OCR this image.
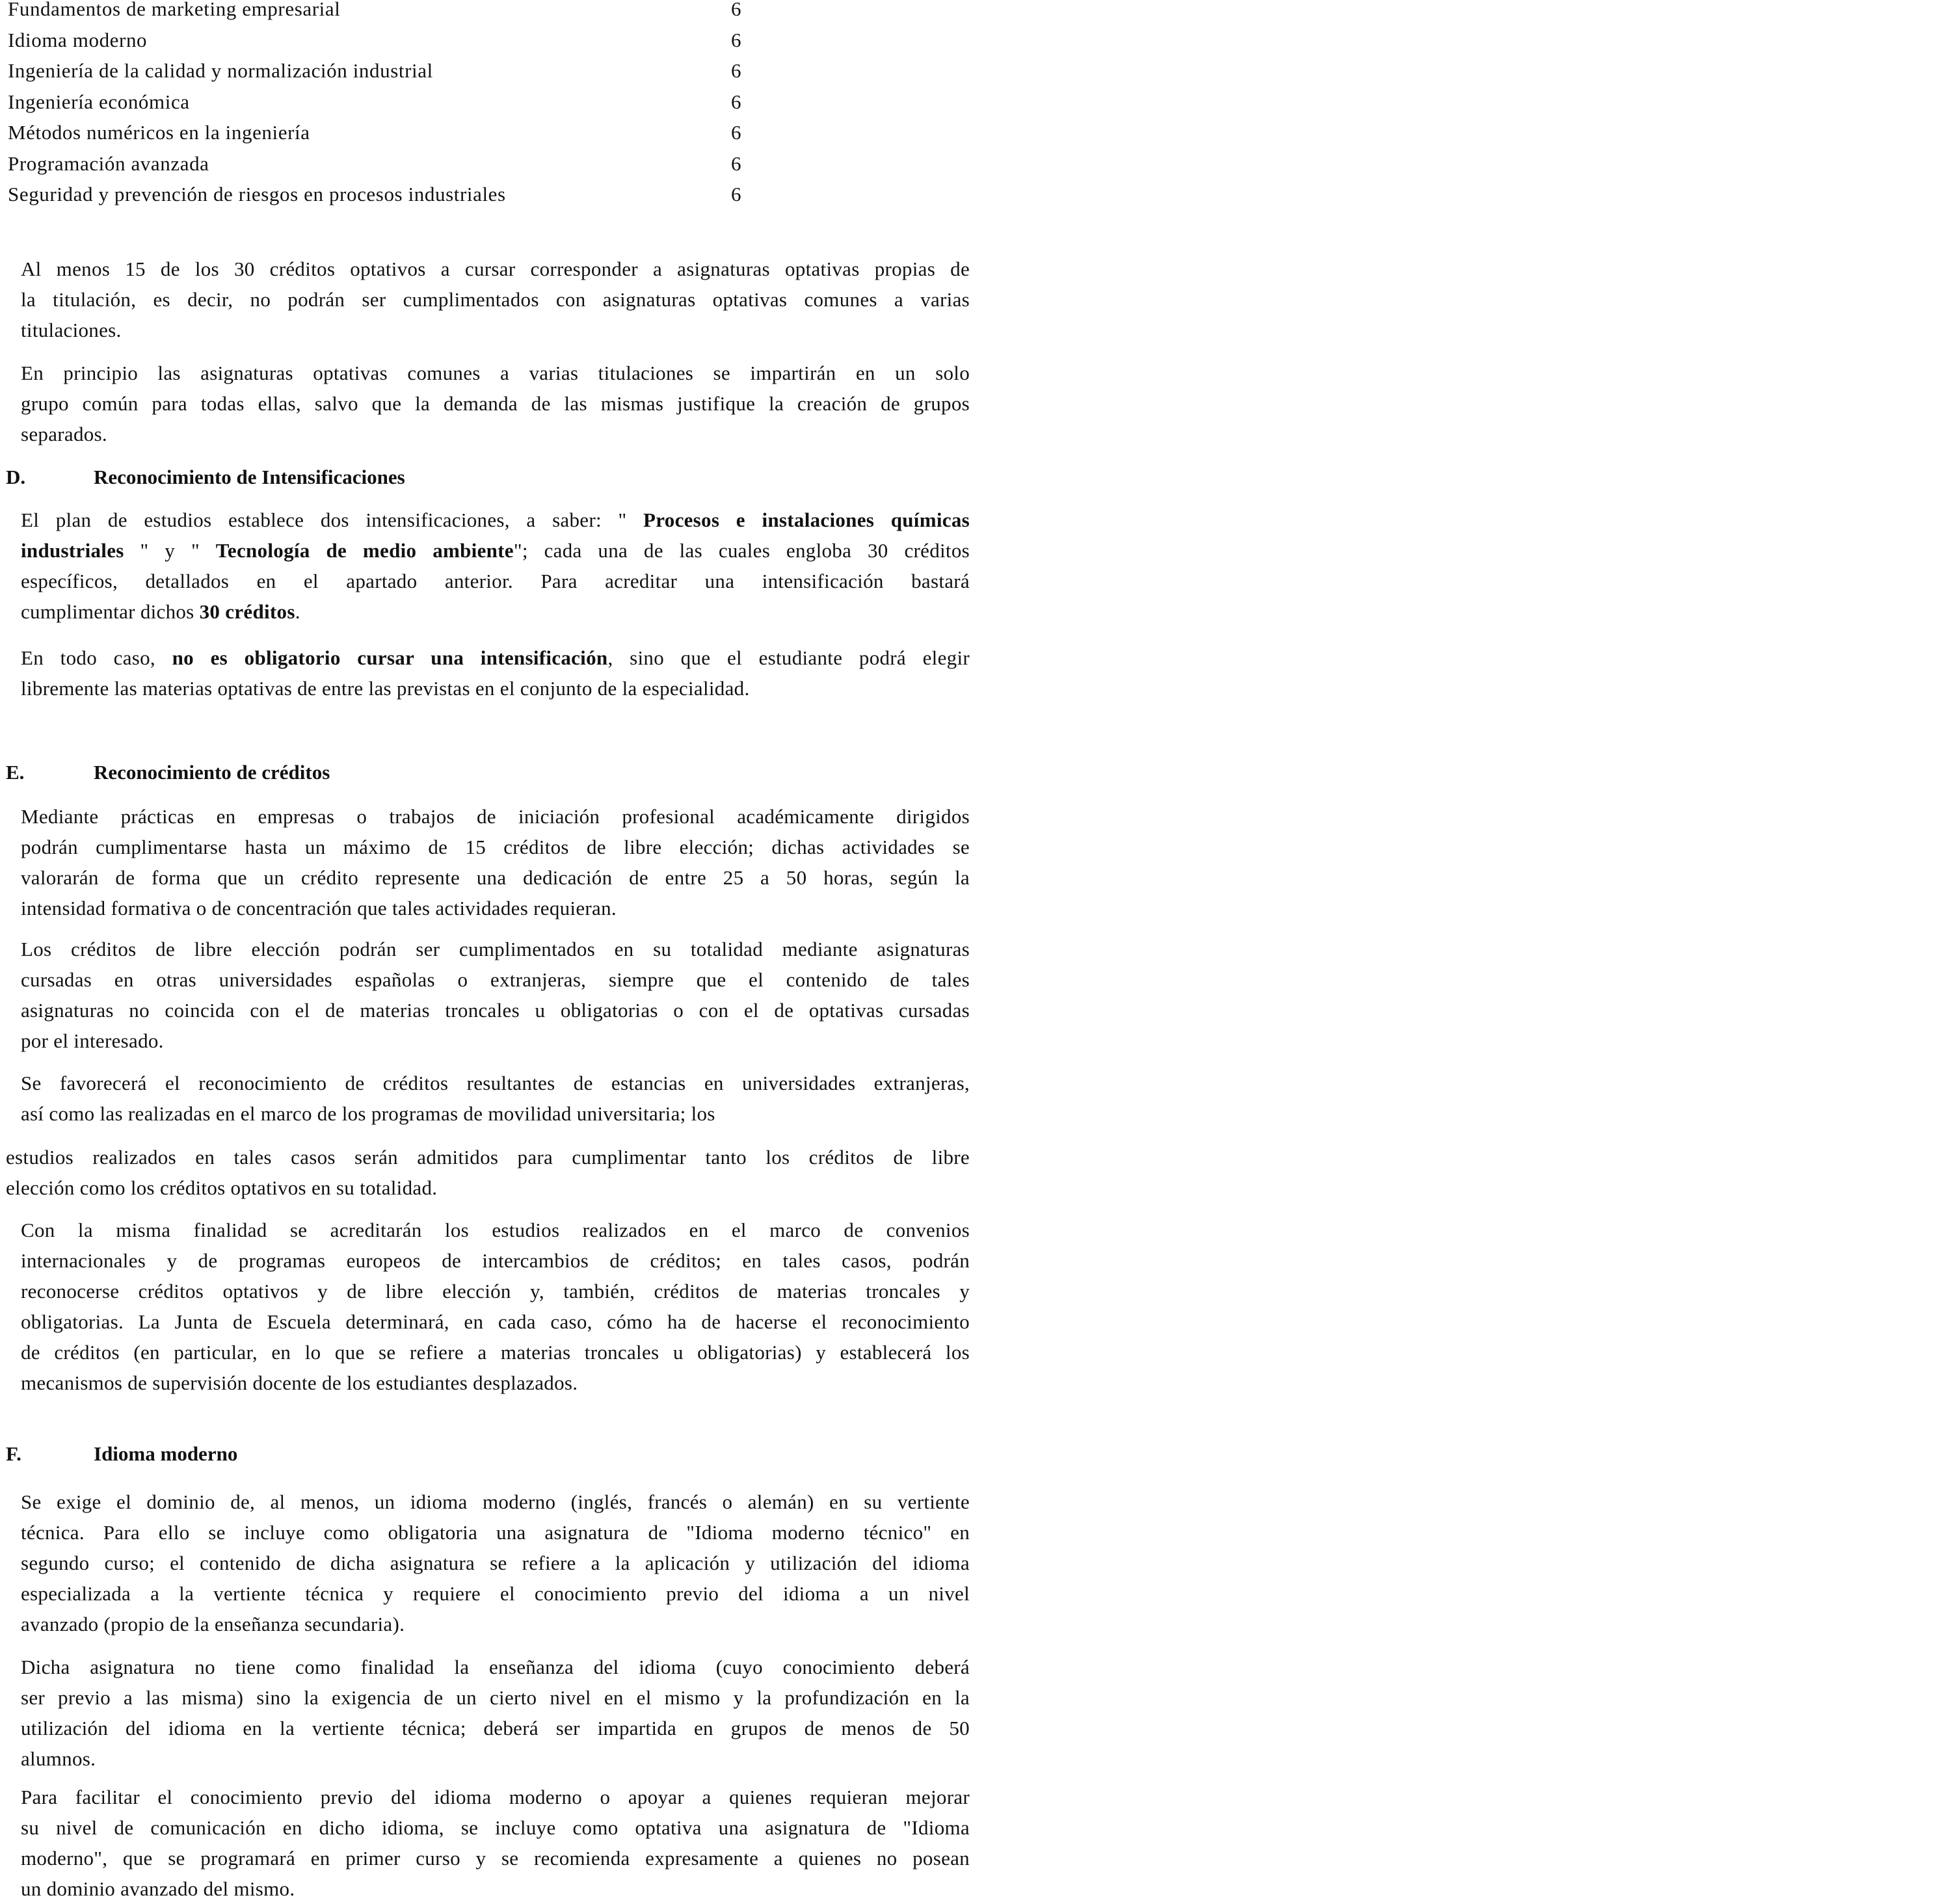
Fundamentos de marketing empresarial	6
Idioma moderno	6
Ingeniería de la calidad y normalización industrial	6
Ingeniería económica	6
Métodos numéricos en la ingeniería	6
Programación avanzada	6
Seguridad y prevención de riesgos en procesos industriales	6

Al menos 15 de los 30 créditos optativos a cursar corresponder a asignaturas optativas propias de
la titulación, es decir, no podrán ser cumplimentados con asignaturas optativas comunes a varias
titulaciones.

En principio las asignaturas optativas comunes a varias titulaciones se impartirán en un solo
grupo común para todas ellas, salvo que la demanda de las mismas justifique la creación de grupos
separados.

D.	Reconocimiento de Intensificaciones

El plan de estudios establece dos intensificaciones, a saber: " Procesos e instalaciones químicas
industriales " y " Tecnología de medio ambiente"; cada una de las cuales engloba 30 créditos
específicos, detallados en el apartado anterior. Para acreditar una intensificación bastará
cumplimentar dichos 30 créditos.

En todo caso, no es obligatorio cursar una intensificación, sino que el estudiante podrá elegir
libremente las materias optativas de entre las previstas en el conjunto de la especialidad.

E.	Reconocimiento de créditos

Mediante prácticas en empresas o trabajos de iniciación profesional académicamente dirigidos
podrán cumplimentarse hasta un máximo de 15 créditos de libre elección; dichas actividades se
valorarán de forma que un crédito represente una dedicación de entre 25 a 50 horas, según la
intensidad formativa o de concentración que tales actividades requieran.

Los créditos de libre elección podrán ser cumplimentados en su totalidad mediante asignaturas
cursadas en otras universidades españolas o extranjeras, siempre que el contenido de tales
asignaturas no coincida con el de materias troncales u obligatorias o con el de optativas cursadas
por el interesado.

Se favorecerá el reconocimiento de créditos resultantes de estancias en universidades extranjeras,
así como las realizadas en el marco de los programas de movilidad universitaria; los

estudios realizados en tales casos serán admitidos para cumplimentar tanto los créditos de libre
elección como los créditos optativos en su totalidad.

Con la misma finalidad se acreditarán los estudios realizados en el marco de convenios
internacionales y de programas europeos de intercambios de créditos; en tales casos, podrán
reconocerse créditos optativos y de libre elección y, también, créditos de materias troncales y
obligatorias. La Junta de Escuela determinará, en cada caso, cómo ha de hacerse el reconocimiento
de créditos (en particular, en lo que se refiere a materias troncales u obligatorias) y establecerá los
mecanismos de supervisión docente de los estudiantes desplazados.

F.	Idioma moderno

Se exige el dominio de, al menos, un idioma moderno (inglés, francés o alemán) en su vertiente
técnica. Para ello se incluye como obligatoria una asignatura de "Idioma moderno técnico" en
segundo curso; el contenido de dicha asignatura se refiere a la aplicación y utilización del idioma
especializada a la vertiente técnica y requiere el conocimiento previo del idioma a un nivel
avanzado (propio de la enseñanza secundaria).

Dicha asignatura no tiene como finalidad la enseñanza del idioma (cuyo conocimiento deberá
ser previo a las misma) sino la exigencia de un cierto nivel en el mismo y la profundización en la
utilización del idioma en la vertiente técnica; deberá ser impartida en grupos de menos de 50
alumnos.

Para facilitar el conocimiento previo del idioma moderno o apoyar a quienes requieran mejorar
su nivel de comunicación en dicho idioma, se incluye como optativa una asignatura de "Idioma
moderno", que se programará en primer curso y se recomienda expresamente a quienes no posean
un dominio avanzado del mismo.
